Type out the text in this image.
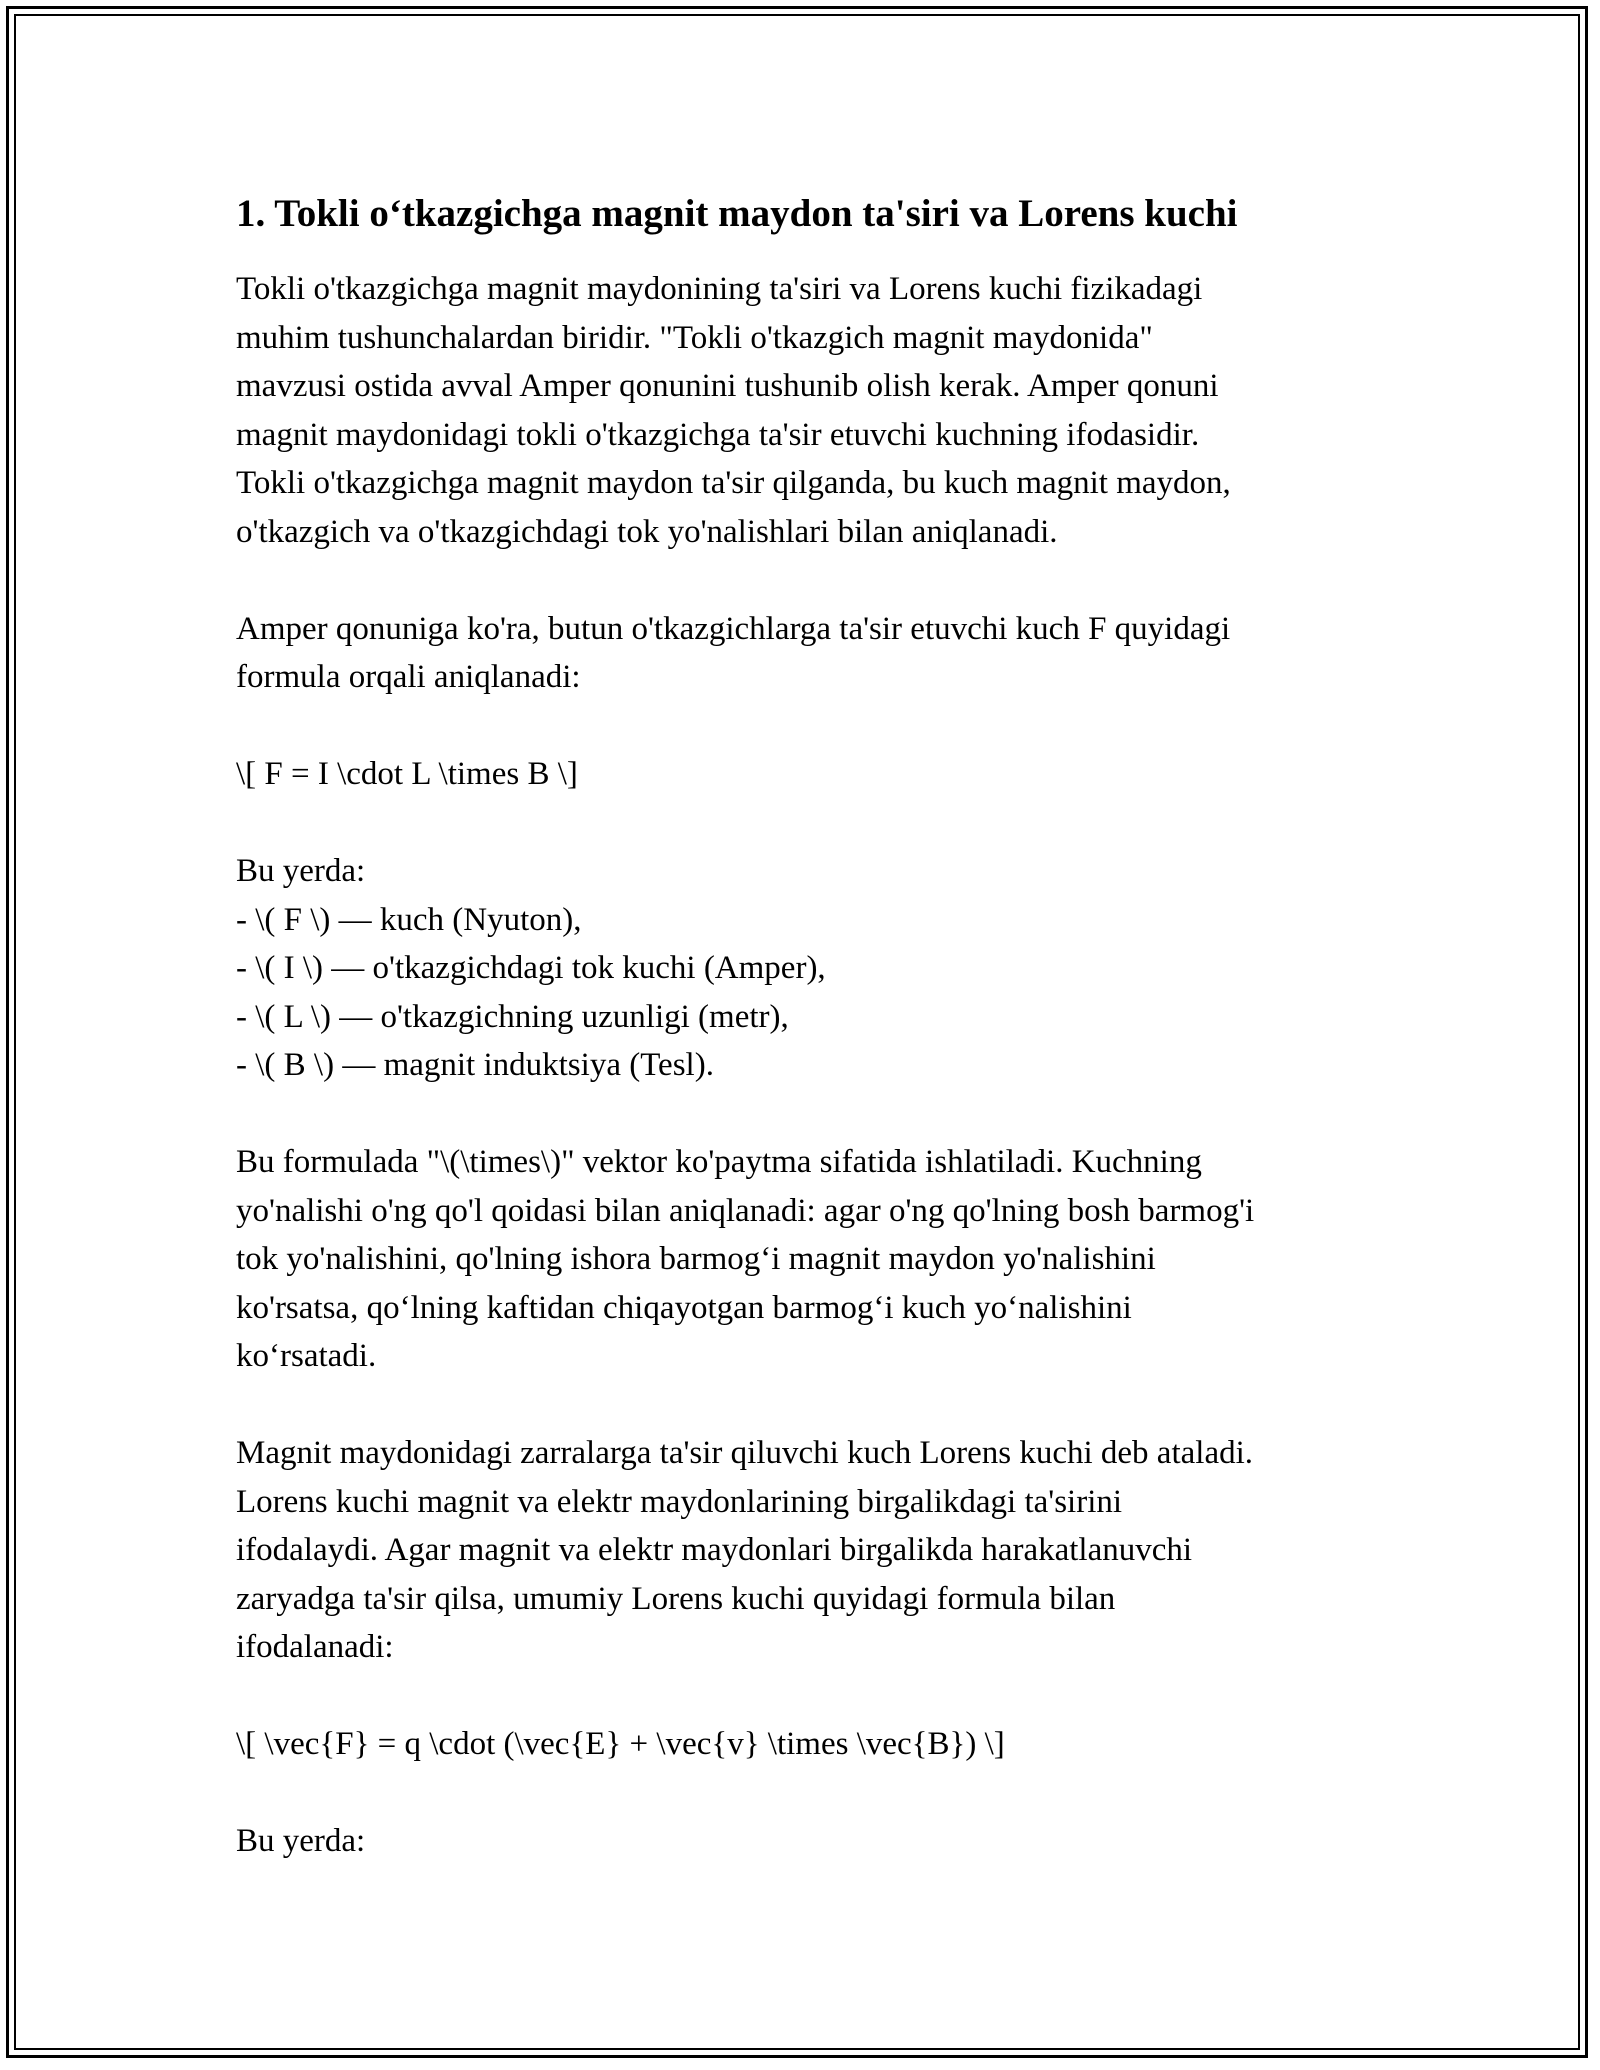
1. Tokli o‘tkazgichga magnit maydon ta'siri va Lorens kuchi
Tokli o'tkazgichga magnit maydonining ta'siri va Lorens kuchi fizikadagi
muhim tushunchalardan biridir. "Tokli o'tkazgich magnit maydonida"
mavzusi ostida avval Amper qonunini tushunib olish kerak. Amper qonuni
magnit maydonidagi tokli o'tkazgichga ta'sir etuvchi kuchning ifodasidir.
Tokli o'tkazgichga magnit maydon ta'sir qilganda, bu kuch magnit maydon,
o'tkazgich va o'tkazgichdagi tok yo'nalishlari bilan aniqlanadi.
Amper qonuniga ko'ra, butun o'tkazgichlarga ta'sir etuvchi kuch F quyidagi
formula orqali aniqlanadi:
\[ F = I \cdot L \times B \]
Bu yerda:
- \( F \) — kuch (Nyuton),
- \( I \) — o'tkazgichdagi tok kuchi (Amper),
- \( L \) — o'tkazgichning uzunligi (metr),
- \( B \) — magnit induktsiya (Tesl).
Bu formulada "\(\times\)" vektor ko'paytma sifatida ishlatiladi. Kuchning
yo'nalishi o'ng qo'l qoidasi bilan aniqlanadi: agar o'ng qo'lning bosh barmog'i
tok yo'nalishini, qo'lning ishora barmog‘i magnit maydon yo'nalishini
ko'rsatsa, qo‘lning kaftidan chiqayotgan barmog‘i kuch yo‘nalishini
ko‘rsatadi.
Magnit maydonidagi zarralarga ta'sir qiluvchi kuch Lorens kuchi deb ataladi.
Lorens kuchi magnit va elektr maydonlarining birgalikdagi ta'sirini
ifodalaydi. Agar magnit va elektr maydonlari birgalikda harakatlanuvchi
zaryadga ta'sir qilsa, umumiy Lorens kuchi quyidagi formula bilan
ifodalanadi:
\[ \vec{F} = q \cdot (\vec{E} + \vec{v} \times \vec{B}) \]
Bu yerda:
